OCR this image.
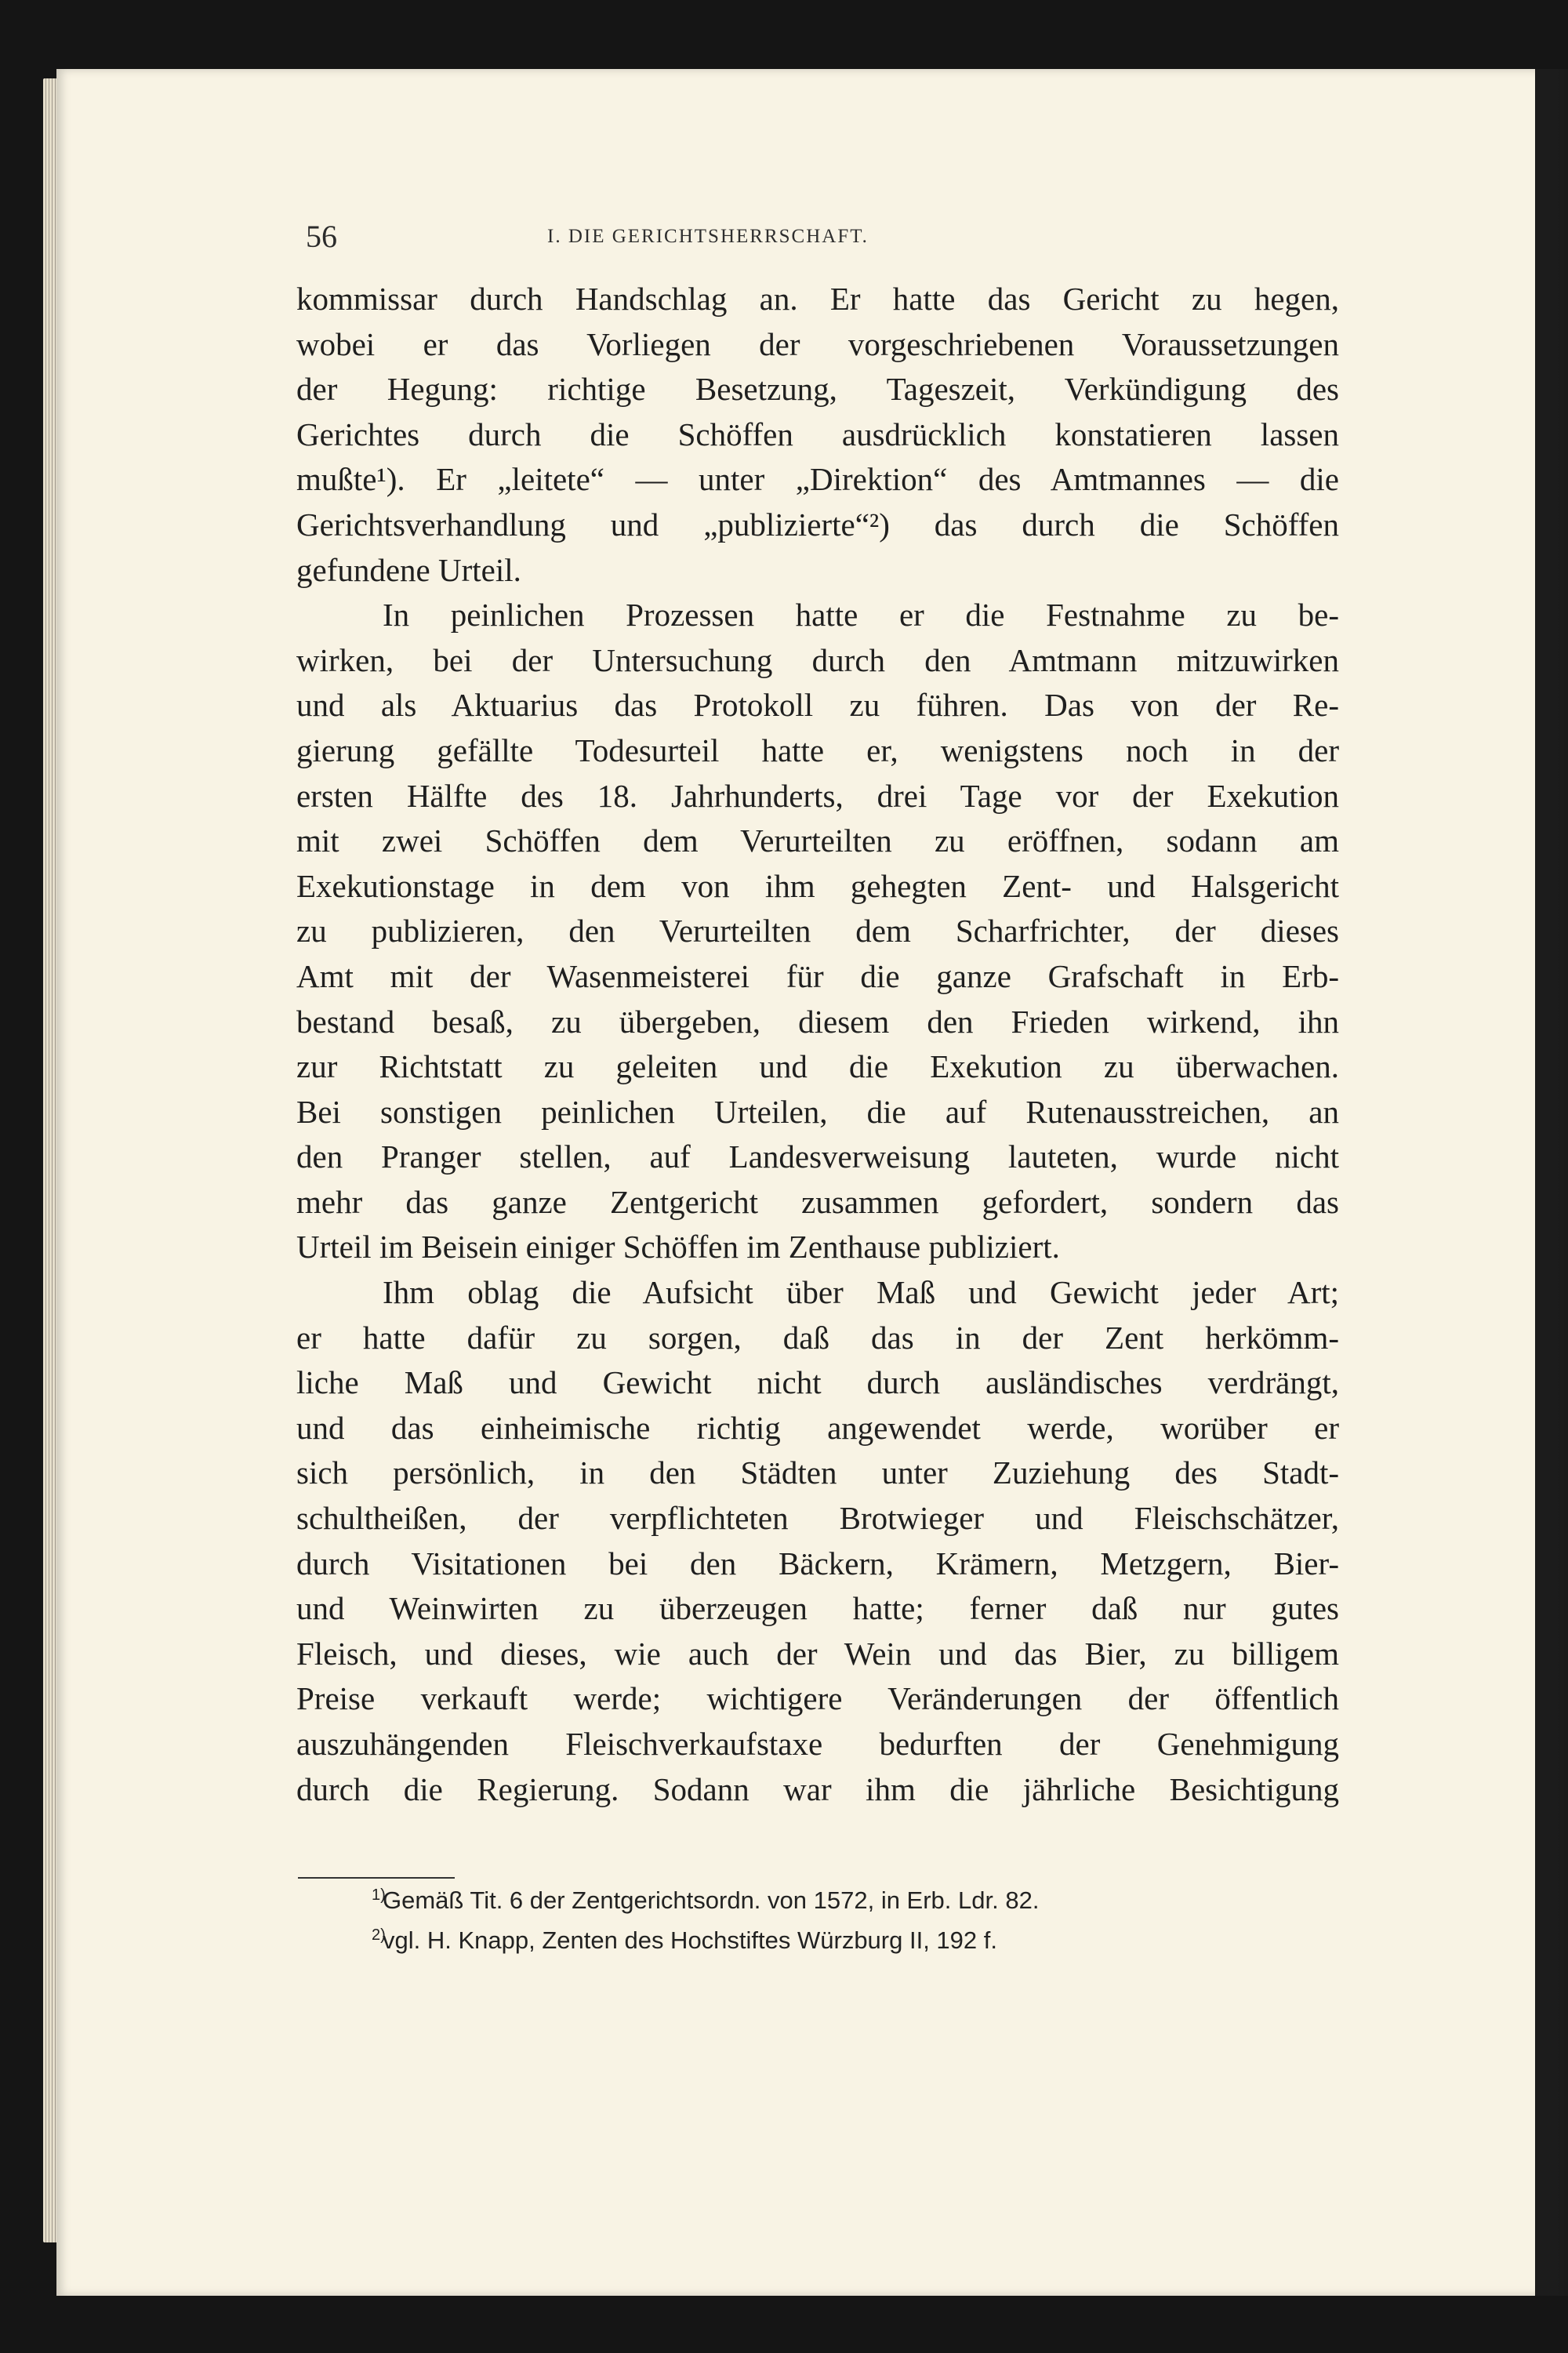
56	I. DIE GERICHTSHERRSCHAFT.
kommissar durch Handschlag an. Er hatte das Gericht zu hegen,
wobei er das Vorliegen der vorgeschriebenen Voraussetzungen
der Hegung: richtige Besetzung, Tageszeit, Verkündigung des
Gerichtes durch die Schöffen ausdrücklich konstatieren lassen
mußte¹). Er „leitete“ — unter „Direktion“ des Amtmannes — die
Gerichtsverhandlung und „publizierte“²) das durch die Schöffen
gefundene Urteil.
In peinlichen Prozessen hatte er die Festnahme zu be-
wirken, bei der Untersuchung durch den Amtmann mitzuwirken
und als Aktuarius das Protokoll zu führen. Das von der Re-
gierung gefällte Todesurteil hatte er, wenigstens noch in der
ersten Hälfte des 18. Jahrhunderts, drei Tage vor der Exekution
mit zwei Schöffen dem Verurteilten zu eröffnen, sodann am
Exekutionstage in dem von ihm gehegten Zent- und Halsgericht
zu publizieren, den Verurteilten dem Scharfrichter, der dieses
Amt mit der Wasenmeisterei für die ganze Grafschaft in Erb-
bestand besaß, zu übergeben, diesem den Frieden wirkend, ihn
zur Richtstatt zu geleiten und die Exekution zu überwachen.
Bei sonstigen peinlichen Urteilen, die auf Rutenausstreichen, an
den Pranger stellen, auf Landesverweisung lauteten, wurde nicht
mehr das ganze Zentgericht zusammen gefordert, sondern das
Urteil im Beisein einiger Schöffen im Zenthause publiziert.
Ihm oblag die Aufsicht über Maß und Gewicht jeder Art;
er hatte dafür zu sorgen, daß das in der Zent herkömm-
liche Maß und Gewicht nicht durch ausländisches verdrängt,
und das einheimische richtig angewendet werde, worüber er
sich persönlich, in den Städten unter Zuziehung des Stadt-
schultheißen, der verpflichteten Brotwieger und Fleischschätzer,
durch Visitationen bei den Bäckern, Krämern, Metzgern, Bier-
und Weinwirten zu überzeugen hatte; ferner daß nur gutes
Fleisch, und dieses, wie auch der Wein und das Bier, zu billigem
Preise verkauft werde; wichtigere Veränderungen der öffentlich
auszuhängenden Fleischverkaufstaxe bedurften der Genehmigung
durch die Regierung. Sodann war ihm die jährliche Besichtigung
1)
Gemäß Tit. 6 der Zentgerichtsordn. von 1572, in Erb. Ldr. 82.
2)
vgl. H. Knapp, Zenten des Hochstiftes Würzburg II, 192 f.
